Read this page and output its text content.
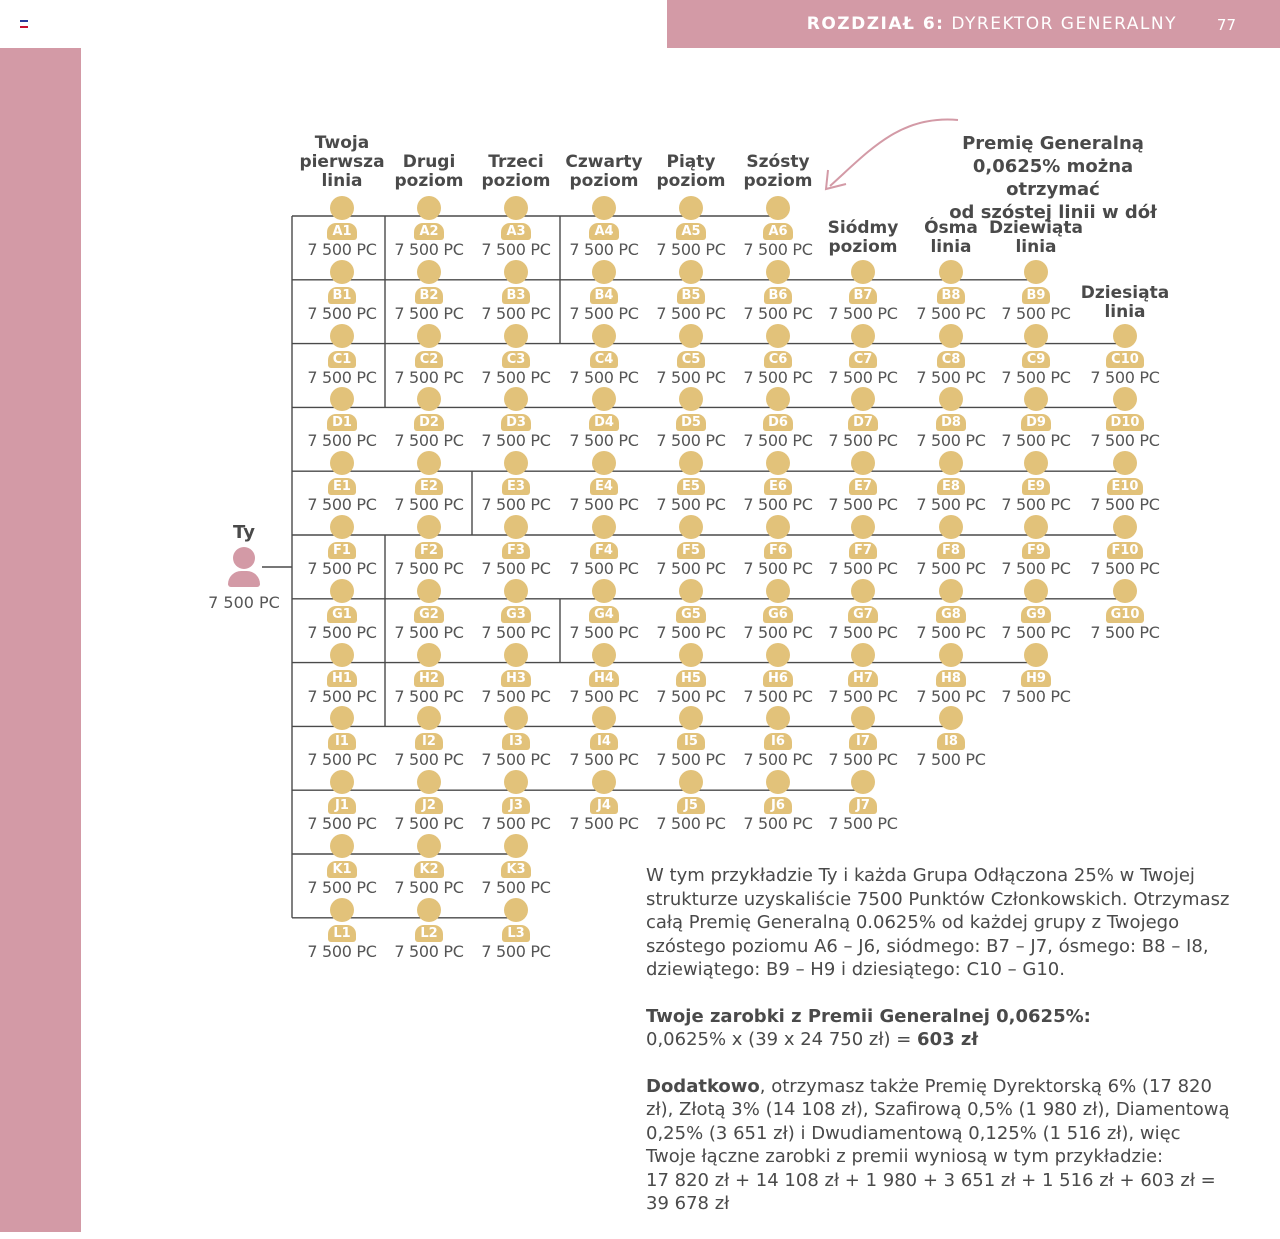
ROZDZIAŁ 6: DYREKTOR GENERALNY	77
Twoja
pierwsza
linia
Drugi
poziom
Trzeci
poziom
Czwarty
poziom
Piąty
poziom
Szósty
poziom
Siódmy
poziom
Ósma
linia
Dziewiąta
linia
Dziesiąta
linia
Premię Generalną
0,0625% można otrzymać
od szóstej linii w dół
Ty
7 500 PC
A1
7 500 PC
A2
7 500 PC
A3
7 500 PC
A4
7 500 PC
A5
7 500 PC
A6
7 500 PC
B1
7 500 PC
B2
7 500 PC
B3
7 500 PC
B4
7 500 PC
B5
7 500 PC
B6
7 500 PC
B7
7 500 PC
B8
7 500 PC
B9
7 500 PC
C1
7 500 PC
C2
7 500 PC
C3
7 500 PC
C4
7 500 PC
C5
7 500 PC
C6
7 500 PC
C7
7 500 PC
C8
7 500 PC
C9
7 500 PC
C10
7 500 PC
D1
7 500 PC
D2
7 500 PC
D3
7 500 PC
D4
7 500 PC
D5
7 500 PC
D6
7 500 PC
D7
7 500 PC
D8
7 500 PC
D9
7 500 PC
D10
7 500 PC
E1
7 500 PC
E2
7 500 PC
E3
7 500 PC
E4
7 500 PC
E5
7 500 PC
E6
7 500 PC
E7
7 500 PC
E8
7 500 PC
E9
7 500 PC
E10
7 500 PC
F1
7 500 PC
F2
7 500 PC
F3
7 500 PC
F4
7 500 PC
F5
7 500 PC
F6
7 500 PC
F7
7 500 PC
F8
7 500 PC
F9
7 500 PC
F10
7 500 PC
G1
7 500 PC
G2
7 500 PC
G3
7 500 PC
G4
7 500 PC
G5
7 500 PC
G6
7 500 PC
G7
7 500 PC
G8
7 500 PC
G9
7 500 PC
G10
7 500 PC
H1
7 500 PC
H2
7 500 PC
H3
7 500 PC
H4
7 500 PC
H5
7 500 PC
H6
7 500 PC
H7
7 500 PC
H8
7 500 PC
H9
7 500 PC
I1
7 500 PC
I2
7 500 PC
I3
7 500 PC
I4
7 500 PC
I5
7 500 PC
I6
7 500 PC
I7
7 500 PC
I8
7 500 PC
J1
7 500 PC
J2
7 500 PC
J3
7 500 PC
J4
7 500 PC
J5
7 500 PC
J6
7 500 PC
J7
7 500 PC
K1
7 500 PC
K2
7 500 PC
K3
7 500 PC
L1
7 500 PC
L2
7 500 PC
L3
7 500 PC

W tym przykładzie Ty i każda Grupa Odłączona 25% w Twojej strukturze uzyskaliście 7500 Punktów Członkowskich. Otrzymasz całą Premię Generalną 0.0625% od każdej grupy z Twojego szóstego poziomu A6 – J6, siódmego: B7 – J7, ósmego: B8 – I8, dziewiątego: B9 – H9 i dziesiątego: C10 – G10.

Twoje zarobki z Premii Generalnej 0,0625%:
0,0625% x (39 x 24 750 zł) = 603 zł

Dodatkowo, otrzymasz także Premię Dyrektorską 6% (17 820 zł), Złotą 3% (14 108 zł), Szafirową 0,5% (1 980 zł), Diamentową 0,25% (3 651 zł) i Dwudiamentową 0,125% (1 516 zł), więc Twoje łączne zarobki z premii wyniosą w tym przykładzie:
17 820 zł + 14 108 zł + 1 980 + 3 651 zł + 1 516 zł + 603 zł = 39 678 zł
